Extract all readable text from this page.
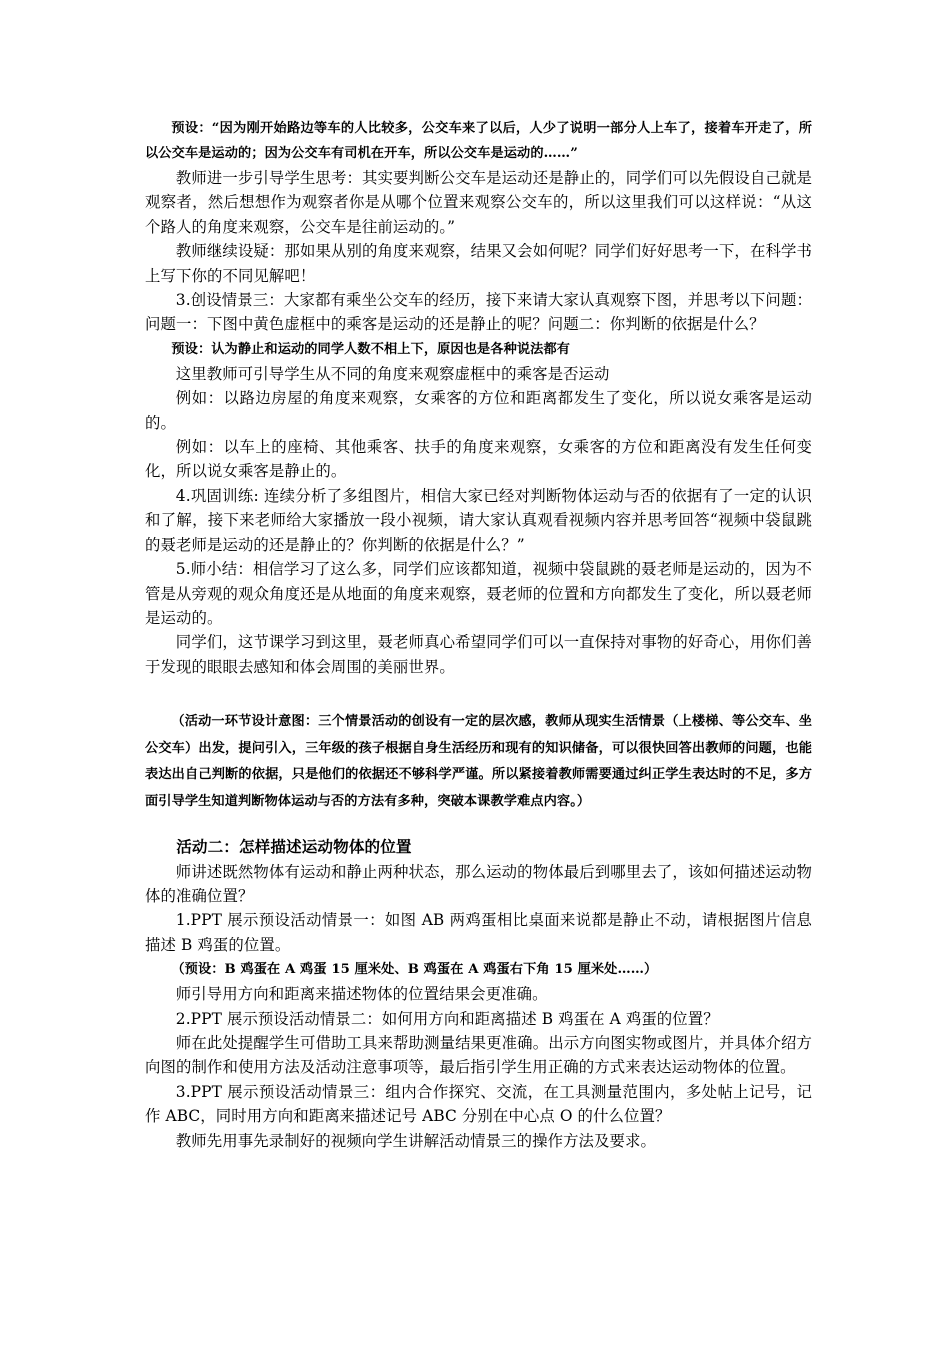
预设：“因为刚开始路边等车的人比较多，公交车来了以后，人少了说明一部分人上车了，接着车开走了，所以公交车是运动的；因为公交车有司机在开车，所以公交车是运动的……”

教师进一步引导学生思考：其实要判断公交车是运动还是静止的，同学们可以先假设自己就是观察者，然后想想作为观察者你是从哪个位置来观察公交车的，所以这里我们可以这样说：“从这个路人的角度来观察，公交车是往前运动的。”

教师继续设疑：那如果从别的角度来观察，结果又会如何呢？同学们好好思考一下，在科学书上写下你的不同见解吧！

3.创设情景三：大家都有乘坐公交车的经历，接下来请大家认真观察下图，并思考以下问题：问题一：下图中黄色虚框中的乘客是运动的还是静止的呢？问题二：你判断的依据是什么？

预设：认为静止和运动的同学人数不相上下，原因也是各种说法都有

这里教师可引导学生从不同的角度来观察虚框中的乘客是否运动

例如：以路边房屋的角度来观察，女乘客的方位和距离都发生了变化，所以说女乘客是运动的。

例如：以车上的座椅、其他乘客、扶手的角度来观察，女乘客的方位和距离没有发生任何变化，所以说女乘客是静止的。

4.巩固训练: 连续分析了多组图片，相信大家已经对判断物体运动与否的依据有了一定的认识和了解，接下来老师给大家播放一段小视频，请大家认真观看视频内容并思考回答“视频中袋鼠跳的聂老师是运动的还是静止的？你判断的依据是什么？”

5.师小结：相信学习了这么多，同学们应该都知道，视频中袋鼠跳的聂老师是运动的，因为不管是从旁观的观众角度还是从地面的角度来观察，聂老师的位置和方向都发生了变化，所以聂老师是运动的。

同学们，这节课学习到这里，聂老师真心希望同学们可以一直保持对事物的好奇心，用你们善于发现的眼眼去感知和体会周围的美丽世界。

（活动一环节设计意图：三个情景活动的创设有一定的层次感，教师从现实生活情景（上楼梯、等公交车、坐公交车）出发，提问引入，三年级的孩子根据自身生活经历和现有的知识储备，可以很快回答出教师的问题，也能表达出自己判断的依据，只是他们的依据还不够科学严谨。所以紧接着教师需要通过纠正学生表达时的不足，多方面引导学生知道判断物体运动与否的方法有多种，突破本课教学难点内容。）

活动二：怎样描述运动物体的位置

师讲述既然物体有运动和静止两种状态，那么运动的物体最后到哪里去了，该如何描述运动物体的准确位置？

1.PPT 展示预设活动情景一：如图 AB 两鸡蛋相比桌面来说都是静止不动，请根据图片信息描述 B 鸡蛋的位置。

（预设：B 鸡蛋在 A 鸡蛋 15 厘米处、B 鸡蛋在 A 鸡蛋右下角 15 厘米处……）

师引导用方向和距离来描述物体的位置结果会更准确。

2.PPT 展示预设活动情景二：如何用方向和距离描述 B 鸡蛋在 A 鸡蛋的位置？

师在此处提醒学生可借助工具来帮助测量结果更准确。出示方向图实物或图片，并具体介绍方向图的制作和使用方法及活动注意事项等，最后指引学生用正确的方式来表达运动物体的位置。

3.PPT 展示预设活动情景三：组内合作探究、交流，在工具测量范围内，多处帖上记号，记作 ABC，同时用方向和距离来描述记号 ABC 分别在中心点 O 的什么位置？

教师先用事先录制好的视频向学生讲解活动情景三的操作方法及要求。
